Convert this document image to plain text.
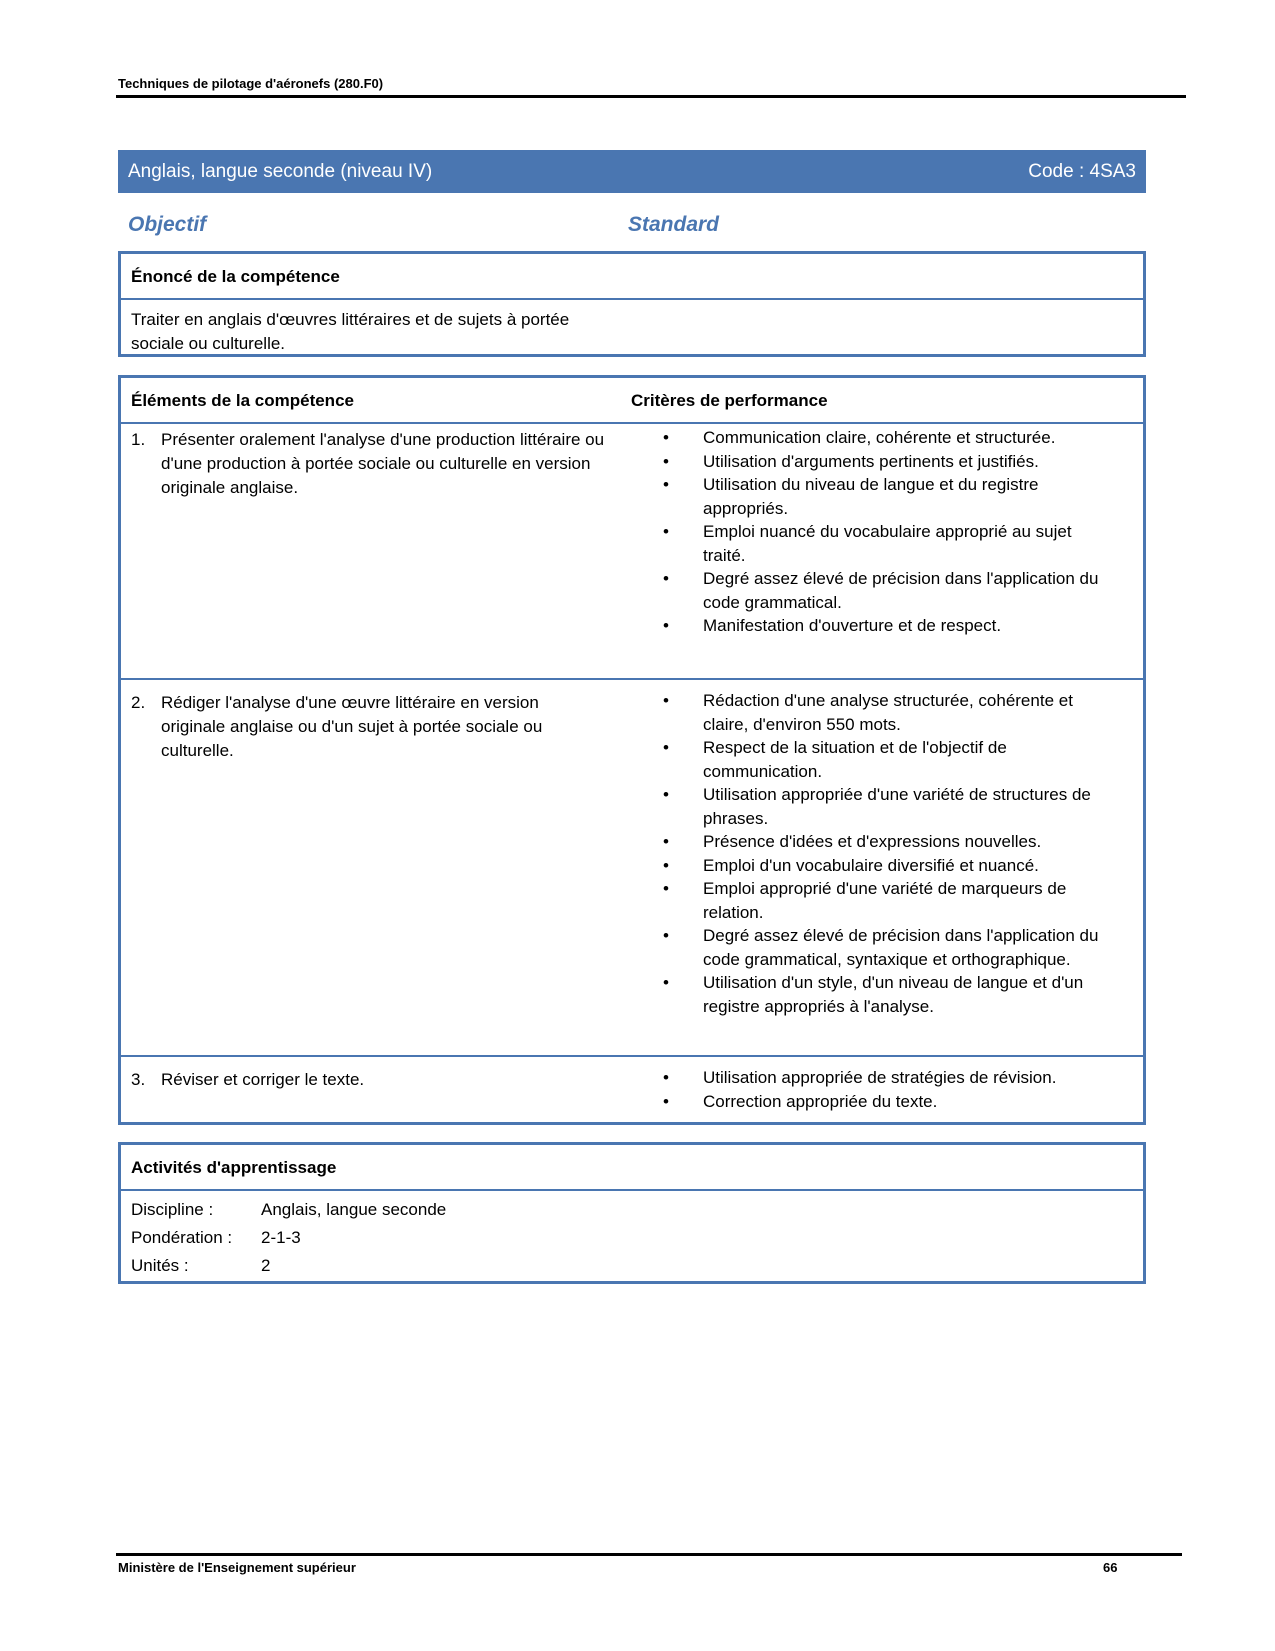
Techniques de pilotage d'aéronefs (280.F0)
Anglais, langue seconde (niveau IV)	Code : 4SA3
Objectif	Standard
Énoncé de la compétence
Traiter en anglais d'œuvres littéraires et de sujets à portée sociale ou culturelle.
Éléments de la compétence	Critères de performance
1. Présenter oralement l'analyse d'une production littéraire ou d'une production à portée sociale ou culturelle en version originale anglaise.
• Communication claire, cohérente et structurée.
• Utilisation d'arguments pertinents et justifiés.
• Utilisation du niveau de langue et du registre appropriés.
• Emploi nuancé du vocabulaire approprié au sujet traité.
• Degré assez élevé de précision dans l'application du code grammatical.
• Manifestation d'ouverture et de respect.
2. Rédiger l'analyse d'une œuvre littéraire en version originale anglaise ou d'un sujet à portée sociale ou culturelle.
• Rédaction d'une analyse structurée, cohérente et claire, d'environ 550 mots.
• Respect de la situation et de l'objectif de communication.
• Utilisation appropriée d'une variété de structures de phrases.
• Présence d'idées et d'expressions nouvelles.
• Emploi d'un vocabulaire diversifié et nuancé.
• Emploi approprié d'une variété de marqueurs de relation.
• Degré assez élevé de précision dans l'application du code grammatical, syntaxique et orthographique.
• Utilisation d'un style, d'un niveau de langue et d'un registre appropriés à l'analyse.
3. Réviser et corriger le texte.
•	Utilisation appropriée de stratégies de révision.
• Correction appropriée du texte.
Activités d'apprentissage
Discipline :	Anglais, langue seconde
Pondération : 2-1-3
Unités :	2
Ministère de l'Enseignement supérieur	66
